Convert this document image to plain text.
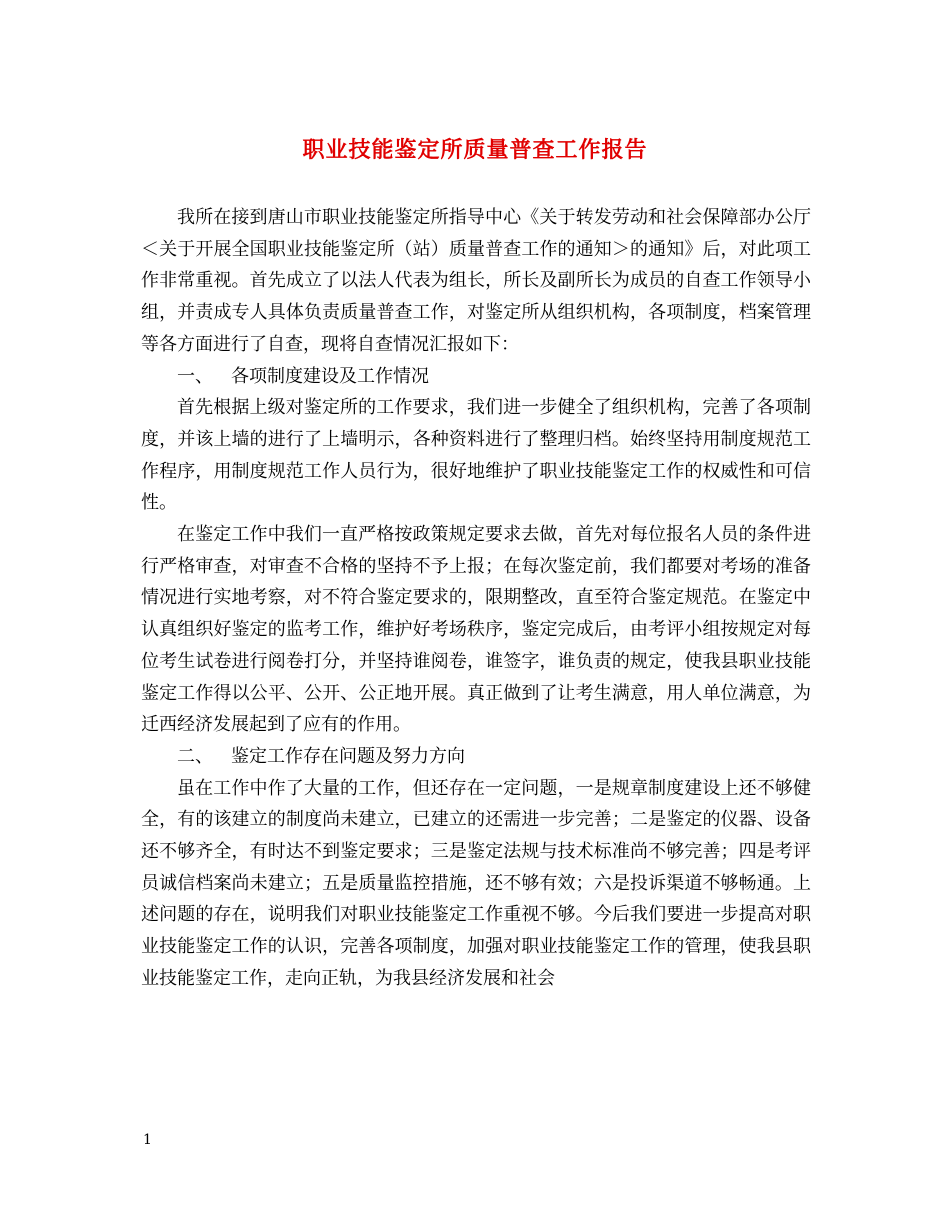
职业技能鉴定所质量普查工作报告

我所在接到唐山市职业技能鉴定所指导中心《关于转发劳动和社会保障部办公厅＜关于开展全国职业技能鉴定所（站）质量普查工作的通知＞的通知》后，对此项工作非常重视。首先成立了以法人代表为组长，所长及副所长为成员的自查工作领导小组，并责成专人具体负责质量普查工作，对鉴定所从组织机构，各项制度，档案管理等各方面进行了自查，现将自查情况汇报如下：

一、 各项制度建设及工作情况

首先根据上级对鉴定所的工作要求，我们进一步健全了组织机构，完善了各项制度，并该上墙的进行了上墙明示，各种资料进行了整理归档。始终坚持用制度规范工作程序，用制度规范工作人员行为，很好地维护了职业技能鉴定工作的权威性和可信性。

在鉴定工作中我们一直严格按政策规定要求去做，首先对每位报名人员的条件进行严格审查，对审查不合格的坚持不予上报；在每次鉴定前，我们都要对考场的准备情况进行实地考察，对不符合鉴定要求的，限期整改，直至符合鉴定规范。在鉴定中认真组织好鉴定的监考工作，维护好考场秩序，鉴定完成后，由考评小组按规定对每位考生试卷进行阅卷打分，并坚持谁阅卷，谁签字，谁负责的规定，使我县职业技能鉴定工作得以公平、公开、公正地开展。真正做到了让考生满意，用人单位满意，为迁西经济发展起到了应有的作用。

二、 鉴定工作存在问题及努力方向

虽在工作中作了大量的工作，但还存在一定问题，一是规章制度建设上还不够健全，有的该建立的制度尚未建立，已建立的还需进一步完善；二是鉴定的仪器、设备还不够齐全，有时达不到鉴定要求；三是鉴定法规与技术标准尚不够完善；四是考评员诚信档案尚未建立；五是质量监控措施，还不够有效；六是投诉渠道不够畅通。上述问题的存在，说明我们对职业技能鉴定工作重视不够。今后我们要进一步提高对职业技能鉴定工作的认识，完善各项制度，加强对职业技能鉴定工作的管理，使我县职业技能鉴定工作，走向正轨，为我县经济发展和社会

1
